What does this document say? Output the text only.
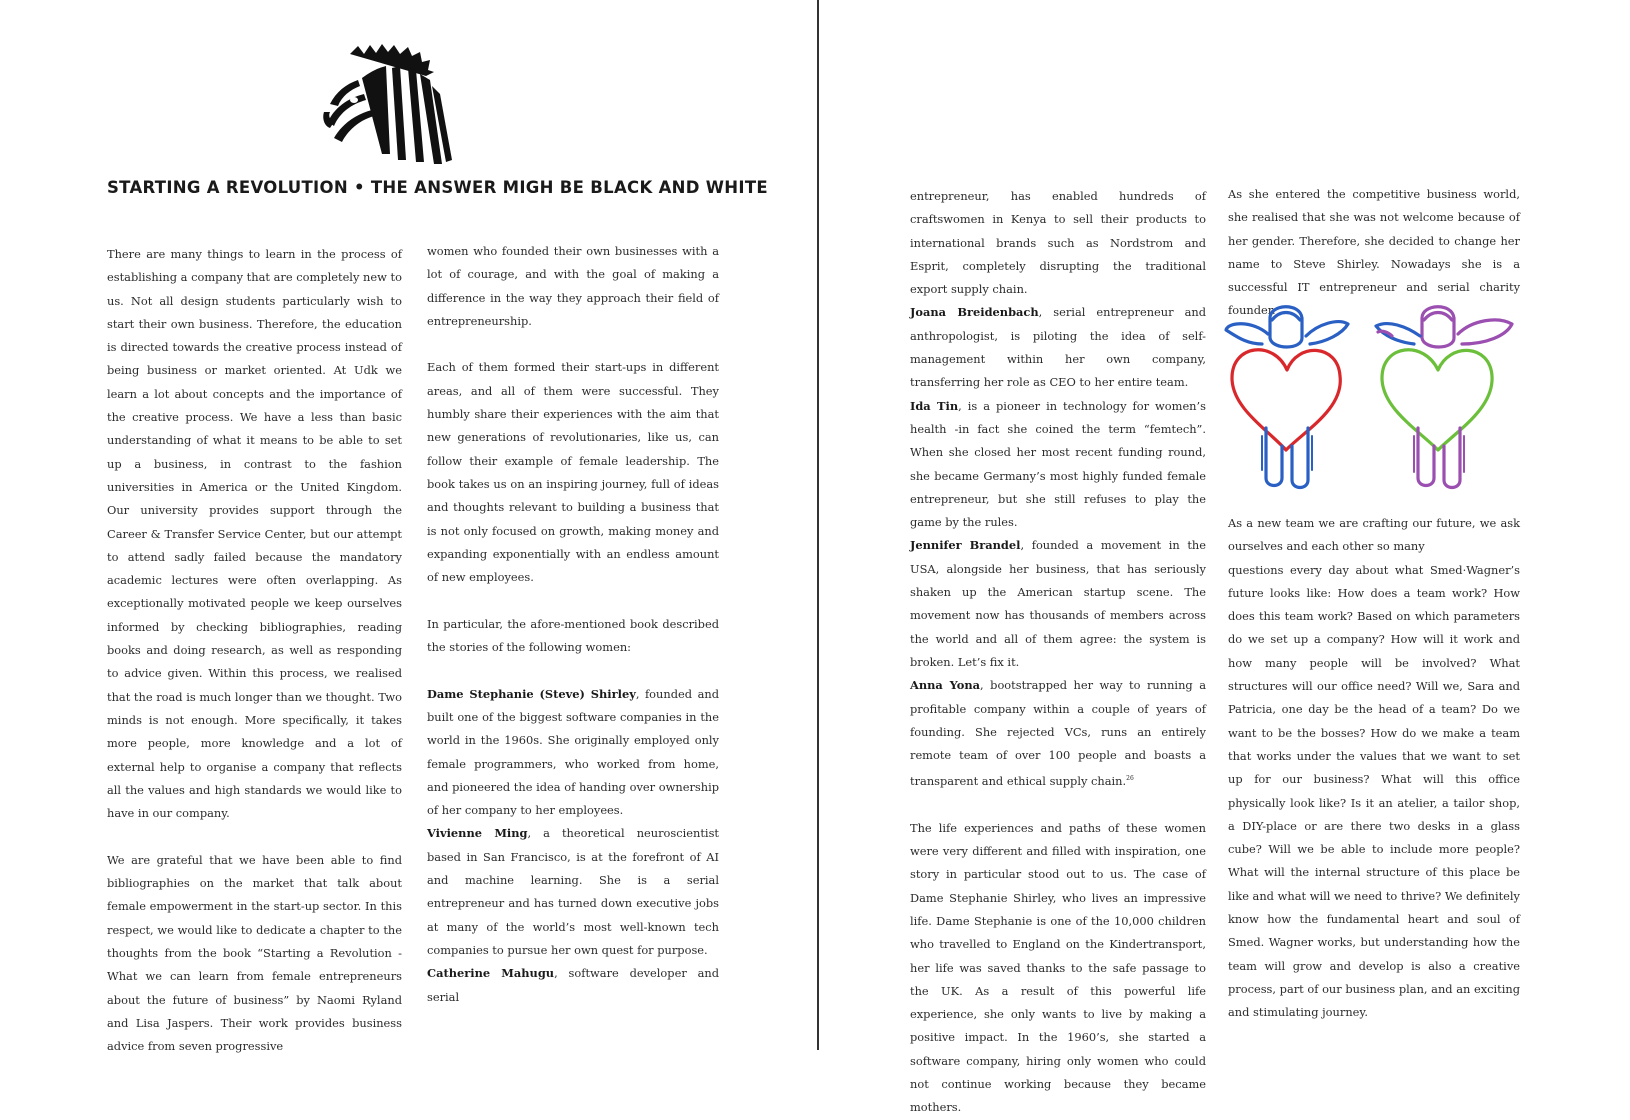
STARTING A REVOLUTION • THE ANSWER MIGH BE BLACK AND WHITE

There are many things to learn in the process of establishing a company that are completely new to us. Not all design students particularly wish to start their own business. Therefore, the education is directed towards the creative process instead of being business or market oriented. At Udk we learn a lot about concepts and the importance of the creative process. We have a less than basic understanding of what it means to be able to set up a business, in contrast to the fashion universities in America or the United Kingdom. Our university provides support through the Career & Transfer Service Center, but our attempt to attend sadly failed because the mandatory academic lectures were often overlapping. As exceptionally motivated people we keep ourselves informed by checking bibliographies, reading books and doing research, as well as responding to advice given. Within this process, we realised that the road is much longer than we thought. Two minds is not enough. More specifically, it takes more people, more knowledge and a lot of external help to organise a company that reflects all the values and high standards we would like to have in our company.

We are grateful that we have been able to find bibliographies on the market that talk about female empowerment in the start-up sector. In this respect, we would like to dedicate a chapter to the thoughts from the book “Starting a Revolution - What we can learn from female entrepreneurs about the future of business” by Naomi Ryland and Lisa Jaspers. Their work provides business advice from seven progressive

women who founded their own businesses with a lot of courage, and with the goal of making a difference in the way they approach their field of entrepreneurship.

Each of them formed their start-ups in different areas, and all of them were successful. They humbly share their experiences with the aim that new generations of revolutionaries, like us, can follow their example of female leadership. The book takes us on an inspiring journey, full of ideas and thoughts relevant to building a business that is not only focused on growth, making money and expanding exponentially with an endless amount of new employees.

In particular, the afore-mentioned book described the stories of the following women:

Dame Stephanie (Steve) Shirley, founded and built one of the biggest software companies in the world in the 1960s. She originally employed only female programmers, who worked from home, and pioneered the idea of handing over ownership of her company to her employees.

Vivienne Ming, a theoretical neuroscientist based in San Francisco, is at the forefront of AI and machine learning. She is a serial entrepreneur and has turned down executive jobs at many of the world’s most well-known tech companies to pursue her own quest for purpose.

Catherine Mahugu, software developer and serial

entrepreneur, has enabled hundreds of craftswomen in Kenya to sell their products to international brands such as Nordstrom and Esprit, completely disrupting the traditional export supply chain.

Joana Breidenbach, serial entrepreneur and anthropologist, is piloting the idea of self-management within her own company, transferring her role as CEO to her entire team.

Ida Tin, is a pioneer in technology for women’s health -in fact she coined the term “femtech”. When she closed her most recent funding round, she became Germany’s most highly funded female entrepreneur, but she still refuses to play the game by the rules.

Jennifer Brandel, founded a movement in the USA, alongside her business, that has seriously shaken up the American startup scene. The movement now has thousands of members across the world and all of them agree: the system is broken. Let’s fix it.

Anna Yona, bootstrapped her way to running a profitable company within a couple of years of founding. She rejected VCs, runs an entirely remote team of over 100 people and boasts a transparent and ethical supply chain.$^{26}$

The life experiences and paths of these women were very different and filled with inspiration, one story in particular stood out to us. The case of Dame Stephanie Shirley, who lives an impressive life. Dame Stephanie is one of the 10,000 children who travelled to England on the Kindertransport, her life was saved thanks to the safe passage to the UK. As a result of this powerful life experience, she only wants to live by making a positive impact. In the 1960’s, she started a software company, hiring only women who could not continue working because they became mothers.

As she entered the competitive business world, she realised that she was not welcome because of her gender. Therefore, she decided to change her name to Steve Shirley. Nowadays she is a successful IT entrepreneur and serial charity founder.

As a new team we are crafting our future, we ask ourselves and each other so many

questions every day about what Smed·Wagner’s future looks like: How does a team work? How does this team work? Based on which parameters do we set up a company? How will it work and how many people will be involved? What structures will our office need? Will we, Sara and Patricia, one day be the head of a team? Do we want to be the bosses? How do we make a team that works under the values that we want to set up for our business? What will this office physically look like? Is it an atelier, a tailor shop, a DIY-place or are there two desks in a glass cube? Will we be able to include more people? What will the internal structure of this place be like and what will we need to thrive? We definitely know how the fundamental heart and soul of Smed. Wagner works, but understanding how the team will grow and develop is also a creative process, part of our business plan, and an exciting and stimulating journey.
